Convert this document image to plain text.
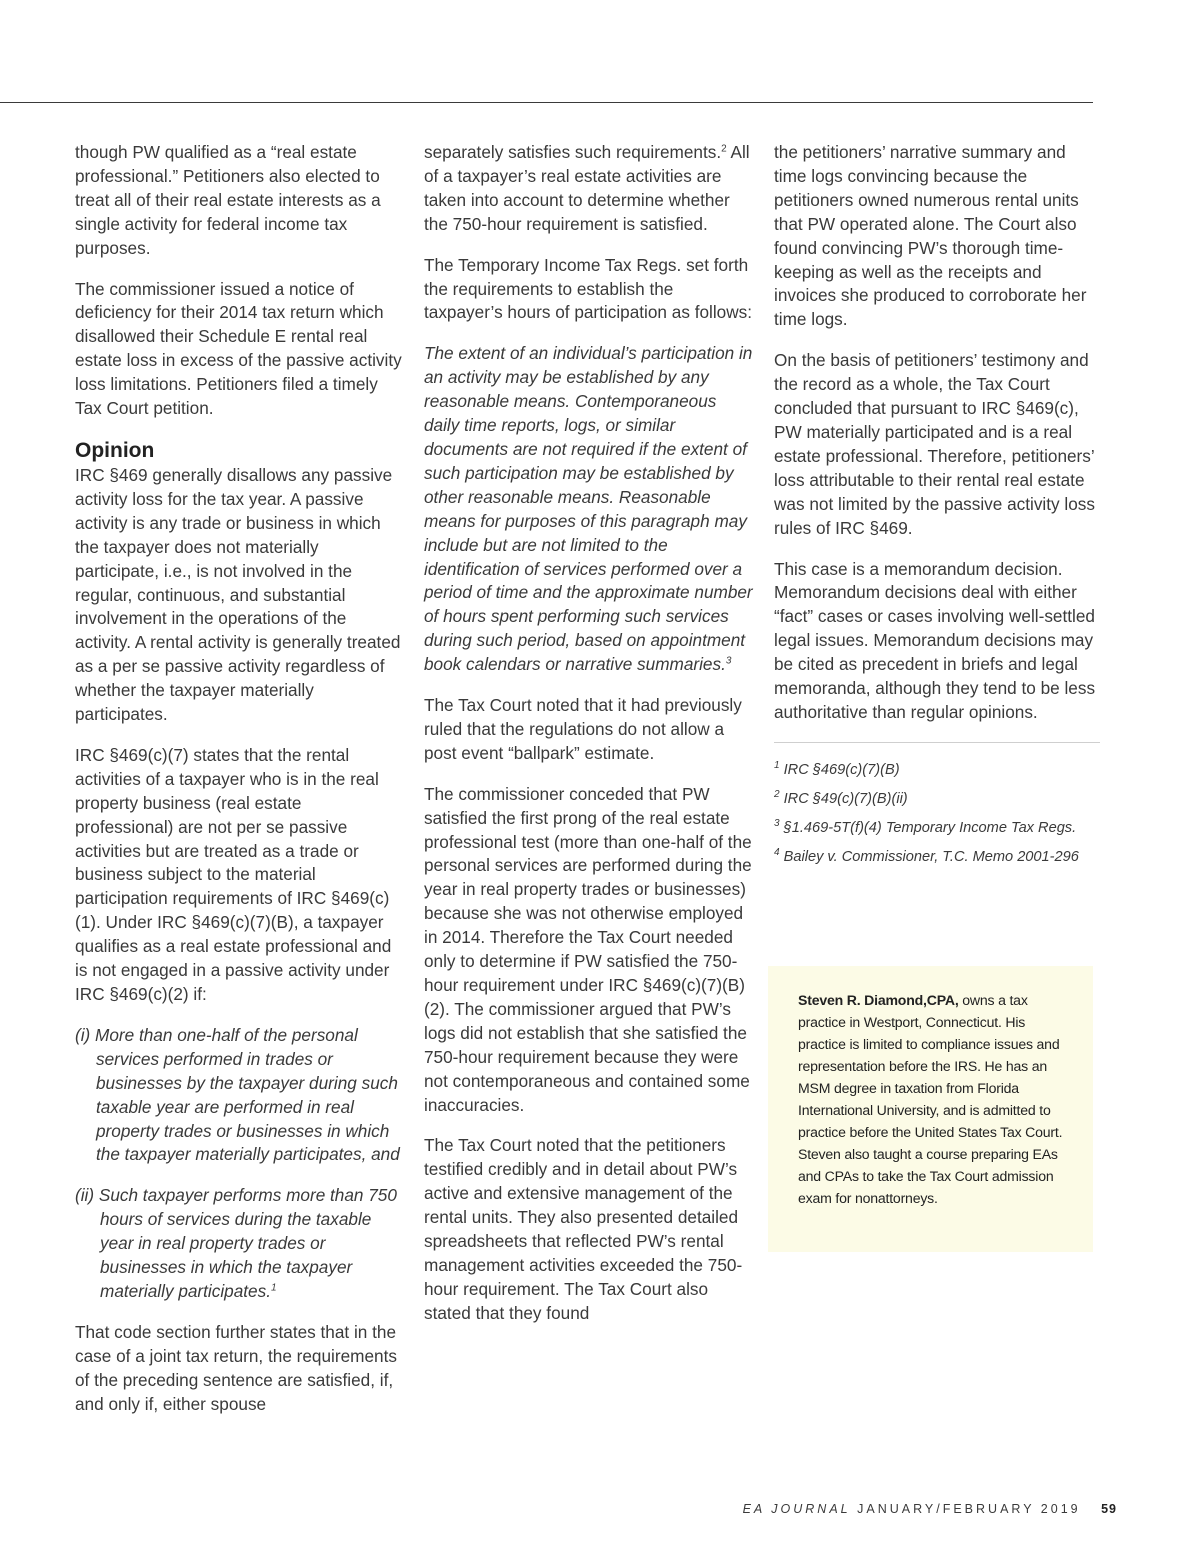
though PW qualified as a “real estate professional.” Petitioners also elected to treat all of their real estate interests as a single activity for federal income tax purposes.

The commissioner issued a notice of deficiency for their 2014 tax return which disallowed their Schedule E rental real estate loss in excess of the passive activity loss limitations. Petitioners filed a timely Tax Court petition.

Opinion

IRC §469 generally disallows any passive activity loss for the tax year. A passive activity is any trade or business in which the taxpayer does not materially participate, i.e., is not involved in the regular, continuous, and substantial involvement in the operations of the activity. A rental activity is generally treated as a per se passive activity regardless of whether the taxpayer materially participates.

IRC §469(c)(7) states that the rental activities of a taxpayer who is in the real property business (real estate professional) are not per se passive activities but are treated as a trade or business subject to the material participation requirements of IRC §469(c)(1). Under IRC §469(c)(7)(B), a taxpayer qualifies as a real estate professional and is not engaged in a passive activity under IRC §469(c)(2) if:

(i) More than one-half of the personal services performed in trades or businesses by the taxpayer during such taxable year are performed in real property trades or businesses in which the taxpayer materially participates, and

(ii) Such taxpayer performs more than 750 hours of services during the taxable year in real property trades or businesses in which the taxpayer materially participates.$^1$

That code section further states that in the case of a joint tax return, the requirements of the preceding sentence are satisfied, if, and only if, either spouse

separately satisfies such requirements.$^2$ All of a taxpayer’s real estate activities are taken into account to determine whether the 750-hour requirement is satisfied.

The Temporary Income Tax Regs. set forth the requirements to establish the taxpayer’s hours of participation as follows:

The extent of an individual’s participation in an activity may be established by any reasonable means. Contemporaneous daily time reports, logs, or similar documents are not required if the extent of such participation may be established by other reasonable means. Reasonable means for purposes of this paragraph may include but are not limited to the identification of services performed over a period of time and the approximate number of hours spent performing such services during such period, based on appointment book calendars or narrative summaries.$^3$

The Tax Court noted that it had previously ruled that the regulations do not allow a post event “ballpark” estimate.

The commissioner conceded that PW satisfied the first prong of the real estate professional test (more than one-half of the personal services are performed during the year in real property trades or businesses) because she was not otherwise employed in 2014. Therefore the Tax Court needed only to determine if PW satisfied the 750-hour requirement under IRC §469(c)(7)(B)(2). The commissioner argued that PW’s logs did not establish that she satisfied the 750-hour requirement because they were not contemporaneous and contained some inaccuracies.

The Tax Court noted that the petitioners testified credibly and in detail about PW’s active and extensive management of the rental units. They also presented detailed spreadsheets that reflected PW’s rental management activities exceeded the 750-hour requirement. The Tax Court also stated that they found

the petitioners’ narrative summary and time logs convincing because the petitioners owned numerous rental units that PW operated alone. The Court also found convincing PW’s thorough time-keeping as well as the receipts and invoices she produced to corroborate her time logs.

On the basis of petitioners’ testimony and the record as a whole, the Tax Court concluded that pursuant to IRC §469(c), PW materially participated and is a real estate professional. Therefore, petitioners’ loss attributable to their rental real estate was not limited by the passive activity loss rules of IRC §469.

This case is a memorandum decision. Memorandum decisions deal with either “fact” cases or cases involving well-settled legal issues. Memorandum decisions may be cited as precedent in briefs and legal memoranda, although they tend to be less authoritative than regular opinions.

$^1$ IRC §469(c)(7)(B)

$^2$ IRC §49(c)(7)(B)(ii)

$^3$ §1.469-5T(f)(4) Temporary Income Tax Regs.

$^4$ Bailey v. Commissioner, T.C. Memo 2001-296

Steven R. Diamond,CPA, owns a tax practice in Westport, Connecticut. His practice is limited to compliance issues and representation before the IRS. He has an MSM degree in taxation from Florida International University, and is admitted to practice before the United States Tax Court. Steven also taught a course preparing EAs and CPAs to take the Tax Court admission exam for nonattorneys.
EA JOURNAL JANUARY/FEBRUARY 2019 59
